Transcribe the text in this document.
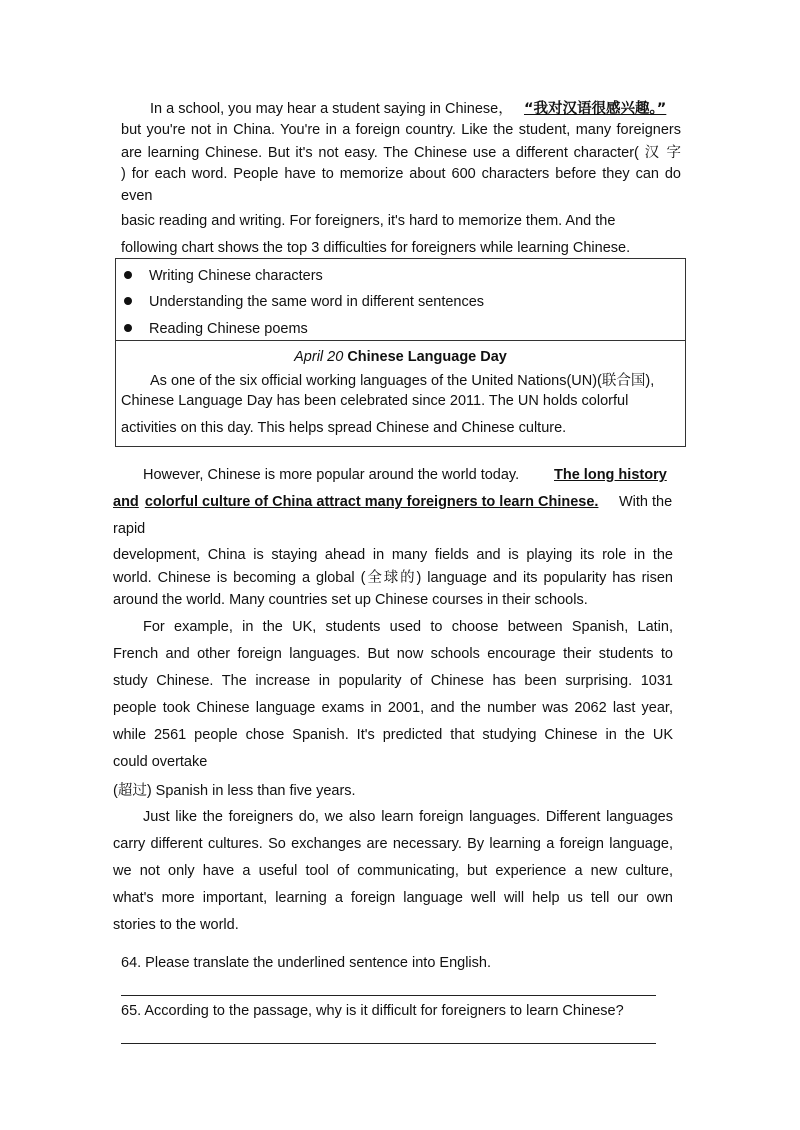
In a school, you may hear a student saying in Chinese， “我对汉语很感兴趣。”
but you're not in China. You're in a foreign country. Like the student, many foreigners
are learning Chinese. But it's not easy. The Chinese use a different character( 汉 字
) for each word. People have to memorize about 600 characters before they can do
even
basic reading and writing. For foreigners, it's hard to memorize them. And the
following chart shows the top 3 difficulties for foreigners while learning Chinese.
Writing Chinese characters
Understanding the same word in different sentences
Reading Chinese poems
April 20 Chinese Language Day
As one of the six official working languages of the United Nations(UN)(联合国),
Chinese Language Day has been celebrated since 2011. The UN holds colorful
activities on this day. This helps spread Chinese and Chinese culture.
However, Chinese is more popular around the world today. The long history
and colorful culture of China attract many foreigners to learn Chinese. With the
rapid
development, China is staying ahead in many fields and is playing its role in the
world. Chinese is becoming a global (全球的) language and its popularity has risen
around the world. Many countries set up Chinese courses in their schools.
For example, in the UK, students used to choose between Spanish, Latin,
French and other foreign languages. But now schools encourage their students to
study Chinese. The increase in popularity of Chinese has been surprising. 1031
people took Chinese language exams in 2001, and the number was 2062 last year,
while 2561 people chose Spanish. It's predicted that studying Chinese in the UK
could overtake
(超过) Spanish in less than five years.
Just like the foreigners do, we also learn foreign languages. Different languages
carry different cultures. So exchanges are necessary. By learning a foreign language,
we not only have a useful tool of communicating, but experience a new culture,
what's more important, learning a foreign language well will help us tell our own
stories to the world.
64. Please translate the underlined sentence into English.
65. According to the passage, why is it difficult for foreigners to learn Chinese?
